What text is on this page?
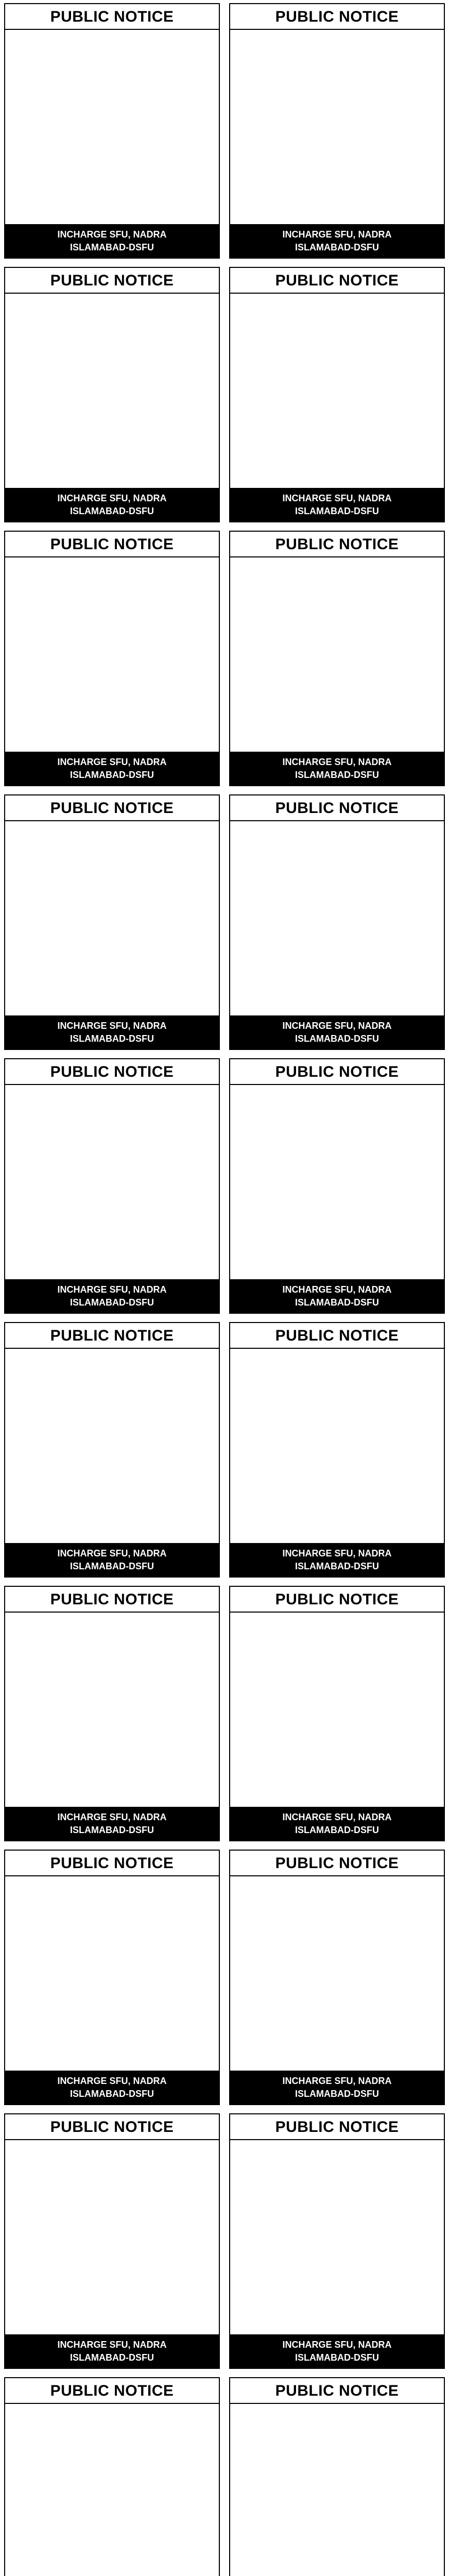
PUBLIC NOTICE
INCHARGE SFU, NADRA
ISLAMABAD-DSFU
PUBLIC NOTICE
INCHARGE SFU, NADRA
ISLAMABAD-DSFU
PUBLIC NOTICE
INCHARGE SFU, NADRA
ISLAMABAD-DSFU
PUBLIC NOTICE
INCHARGE SFU, NADRA
ISLAMABAD-DSFU
PUBLIC NOTICE
INCHARGE SFU, NADRA
ISLAMABAD-DSFU
PUBLIC NOTICE
INCHARGE SFU, NADRA
ISLAMABAD-DSFU
PUBLIC NOTICE
INCHARGE SFU, NADRA
ISLAMABAD-DSFU
PUBLIC NOTICE
INCHARGE SFU, NADRA
ISLAMABAD-DSFU
PUBLIC NOTICE
INCHARGE SFU, NADRA
ISLAMABAD-DSFU
PUBLIC NOTICE
INCHARGE SFU, NADRA
ISLAMABAD-DSFU
PUBLIC NOTICE
INCHARGE SFU, NADRA
ISLAMABAD-DSFU
PUBLIC NOTICE
INCHARGE SFU, NADRA
ISLAMABAD-DSFU
PUBLIC NOTICE
INCHARGE SFU, NADRA
ISLAMABAD-DSFU
PUBLIC NOTICE
INCHARGE SFU, NADRA
ISLAMABAD-DSFU
PUBLIC NOTICE
INCHARGE SFU, NADRA
ISLAMABAD-DSFU
PUBLIC NOTICE
INCHARGE SFU, NADRA
ISLAMABAD-DSFU
PUBLIC NOTICE
INCHARGE SFU, NADRA
ISLAMABAD-DSFU
PUBLIC NOTICE
INCHARGE SFU, NADRA
ISLAMABAD-DSFU
PUBLIC NOTICE	PUBLIC NOTICE
